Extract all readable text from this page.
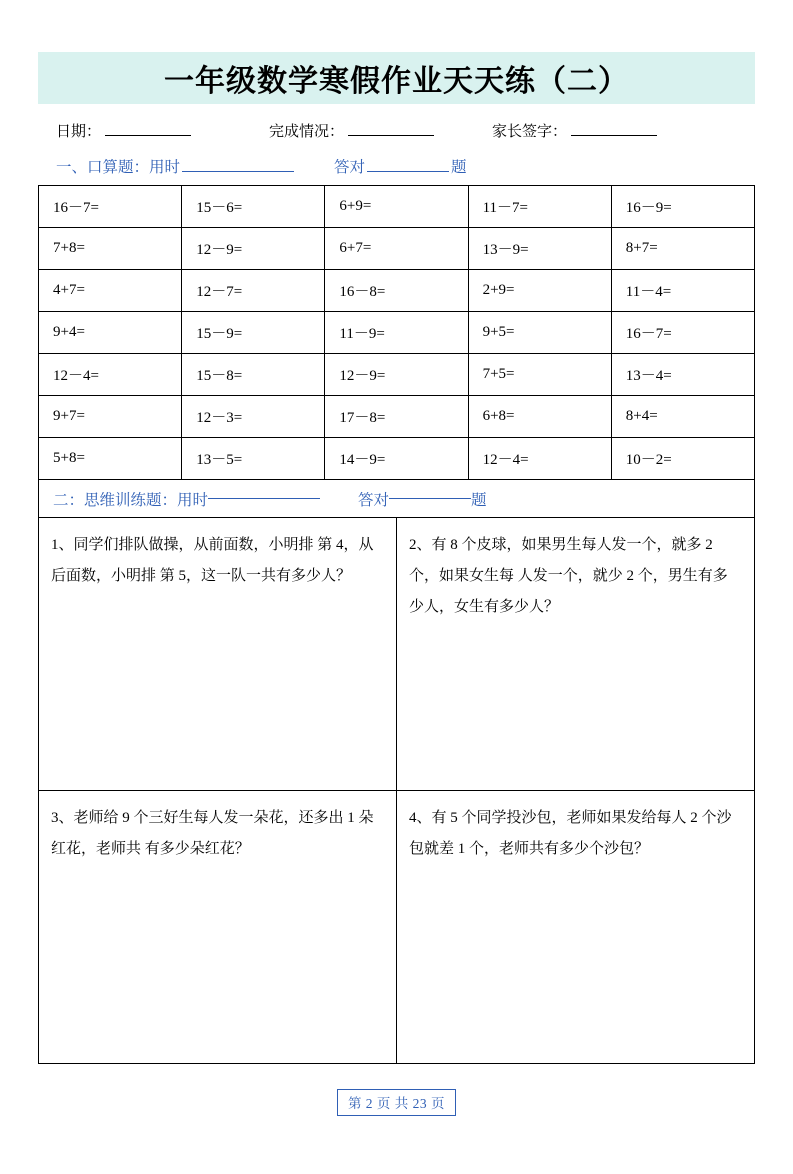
一年级数学寒假作业天天练（二）
日期：	完成情况：	家长签字：
一、口算题：用时	答对	题
16－7=	15－6=	6+9=	11－7=	16－9=
7+8=	12－9=	6+7=	13－9=	8+7=
4+7=	12－7=	16－8=	2+9=	11－4=
9+4=	15－9=	11－9=	9+5=	16－7=
12－4=	15－8=	12－9=	7+5=	13－4=
9+7=	12－3=	17－8=	6+8=	8+4=
5+8=	13－5=	14－9=	12－4=	10－2=
二：思维训练题：用时	答对	题
1、同学们排队做操，从前面数，小明排 第 4，从后面数，小明排 第 5，这一队一共有多少人？	2、有 8 个皮球，如果男生每人发一个，就多 2 个，如果女生每 人发一个，就少 2 个，男生有多少人，女生有多少人？
3、老师给 9 个三好生每人发一朵花，还多出 1 朵红花，老师共 有多少朵红花？	4、有 5 个同学投沙包，老师如果发给每人 2 个沙包就差 1 个，老师共有多少个沙包？
第 2 页 共 23 页
